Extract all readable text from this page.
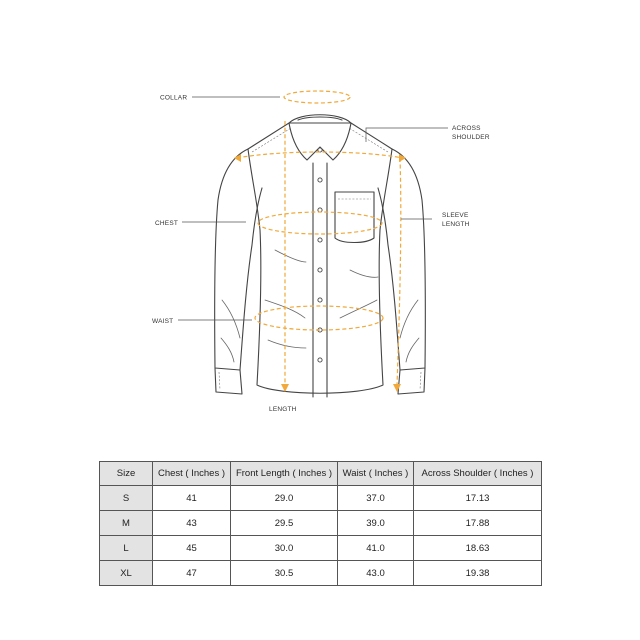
COLLAR
ACROSS
SHOULDER
CHEST
SLEEVE
LENGTH
WAIST
LENGTH
Size	Chest ( Inches )	Front Length ( Inches )	Waist ( Inches )	Across Shoulder ( Inches )
S	41	29.0	37.0	17.13
M	43	29.5	39.0	17.88
L	45	30.0	41.0	18.63
XL	47	30.5	43.0	19.38
